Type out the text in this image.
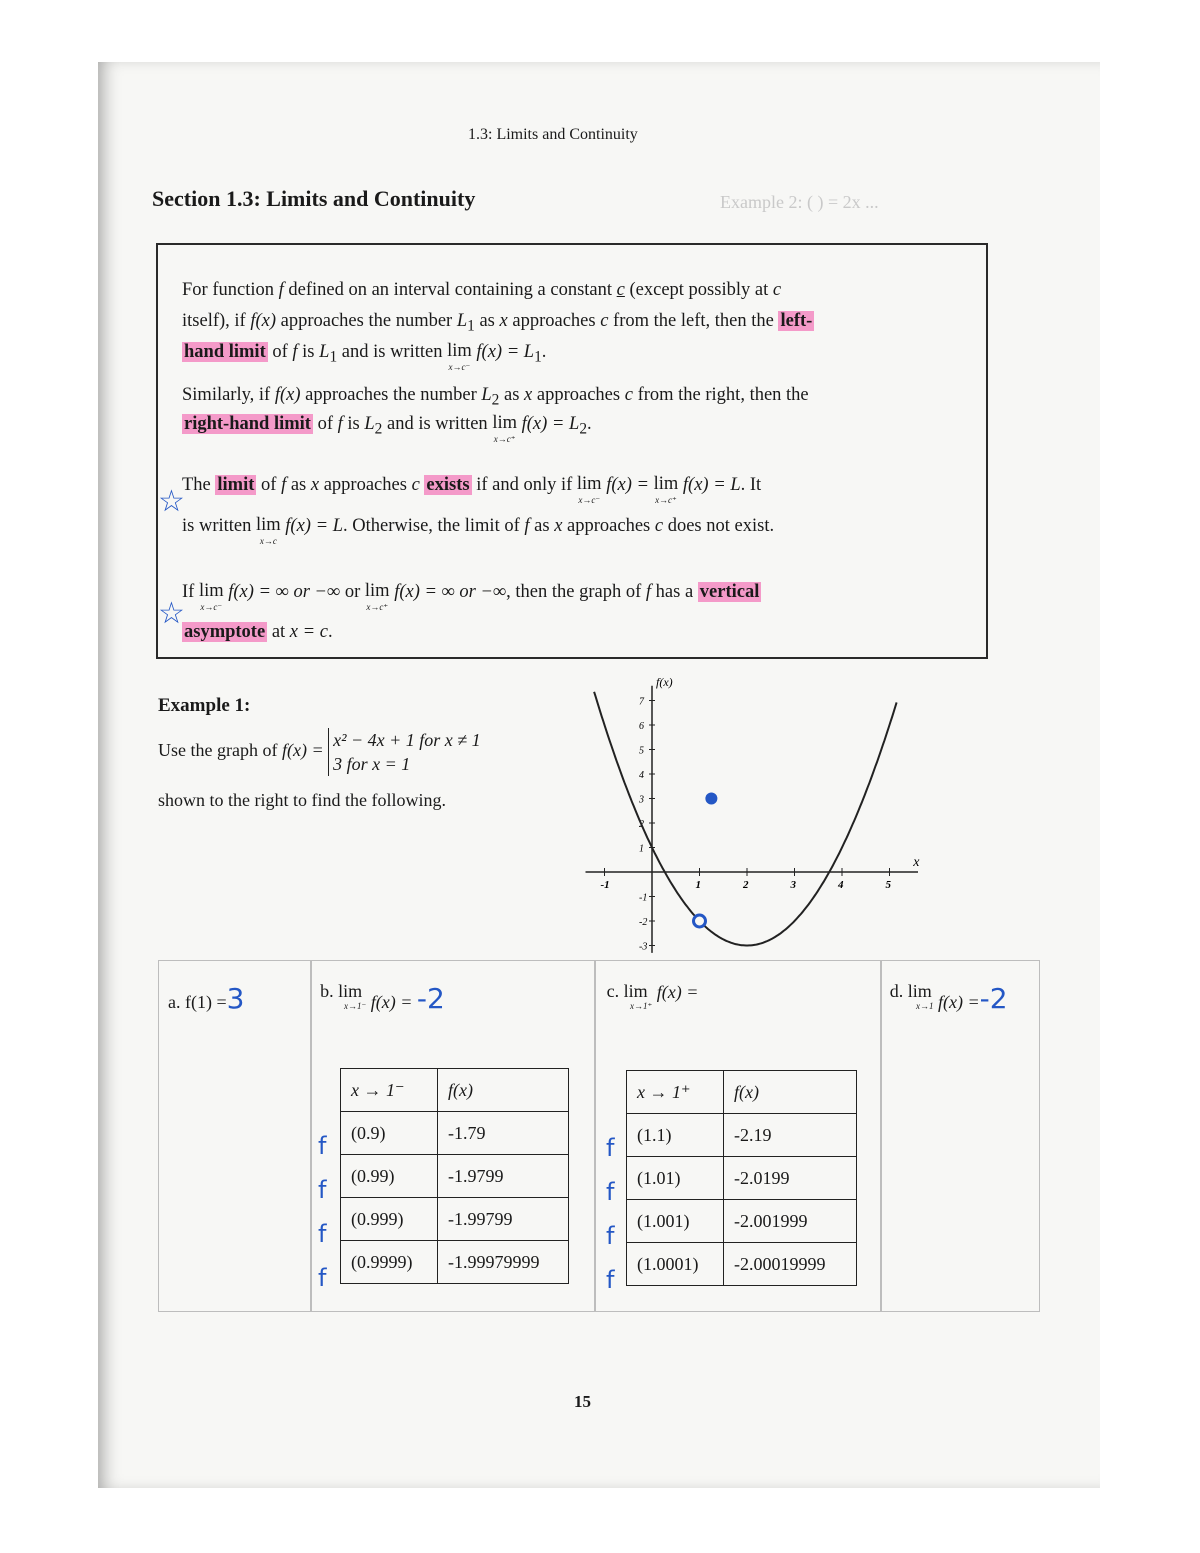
Example 2: ( ) = 2x ...
1.3: Limits and Continuity
Section 1.3: Limits and Continuity
For function f defined on an interval containing a constant c (except possibly at c
itself), if f(x) approaches the number $L_1$ as x approaches c from the left, then the left-
hand limit of f is $L_1$ and is written lim
x→c⁻
$f(x) = L_1$.
Similarly, if f(x) approaches the number $L_2$ as x approaches c from the right, then the
right-hand limit of f is $L_2$ and is written lim
x→c⁺
$f(x) = L_2$.
The limit of f as x approaches c exists if and only if lim
x→c⁻
f(x) = lim
x→c⁺
f(x) = L. It
is written lim
x→c
f(x) = L. Otherwise, the limit of f as x approaches c does not exist.
If lim
x→c⁻
f(x) = ∞ or −∞ or lim
x→c⁺
f(x) = ∞ or −∞, then the graph of f has a vertical
asymptote at x = c.
☆
☆
Example 1:
Use the graph of f(x) = x² − 4x + 1 for x ≠ 1
3 for x = 1
shown to the right to find the following.
-1	1	2	3	4	5
7
6
5
4
3
2
1
-1
-2
-3
f(x)
x
a. f(1) =3	b. lim
x→1⁻ f(x) = -2	c. lim
x→1⁺
f(x) =	d. lim
x→1 f(x) =-2
x → 1⁻	f(x)
(0.9)	-1.79
(0.99)	-1.9799
(0.999)	-1.99799
(0.9999)	-1.99979999
f
f
f
f
x → 1⁺	f(x)
(1.1)	-2.19
(1.01)	-2.0199
(1.001)	-2.001999
(1.0001)	-2.00019999
f
f
f
f
15
